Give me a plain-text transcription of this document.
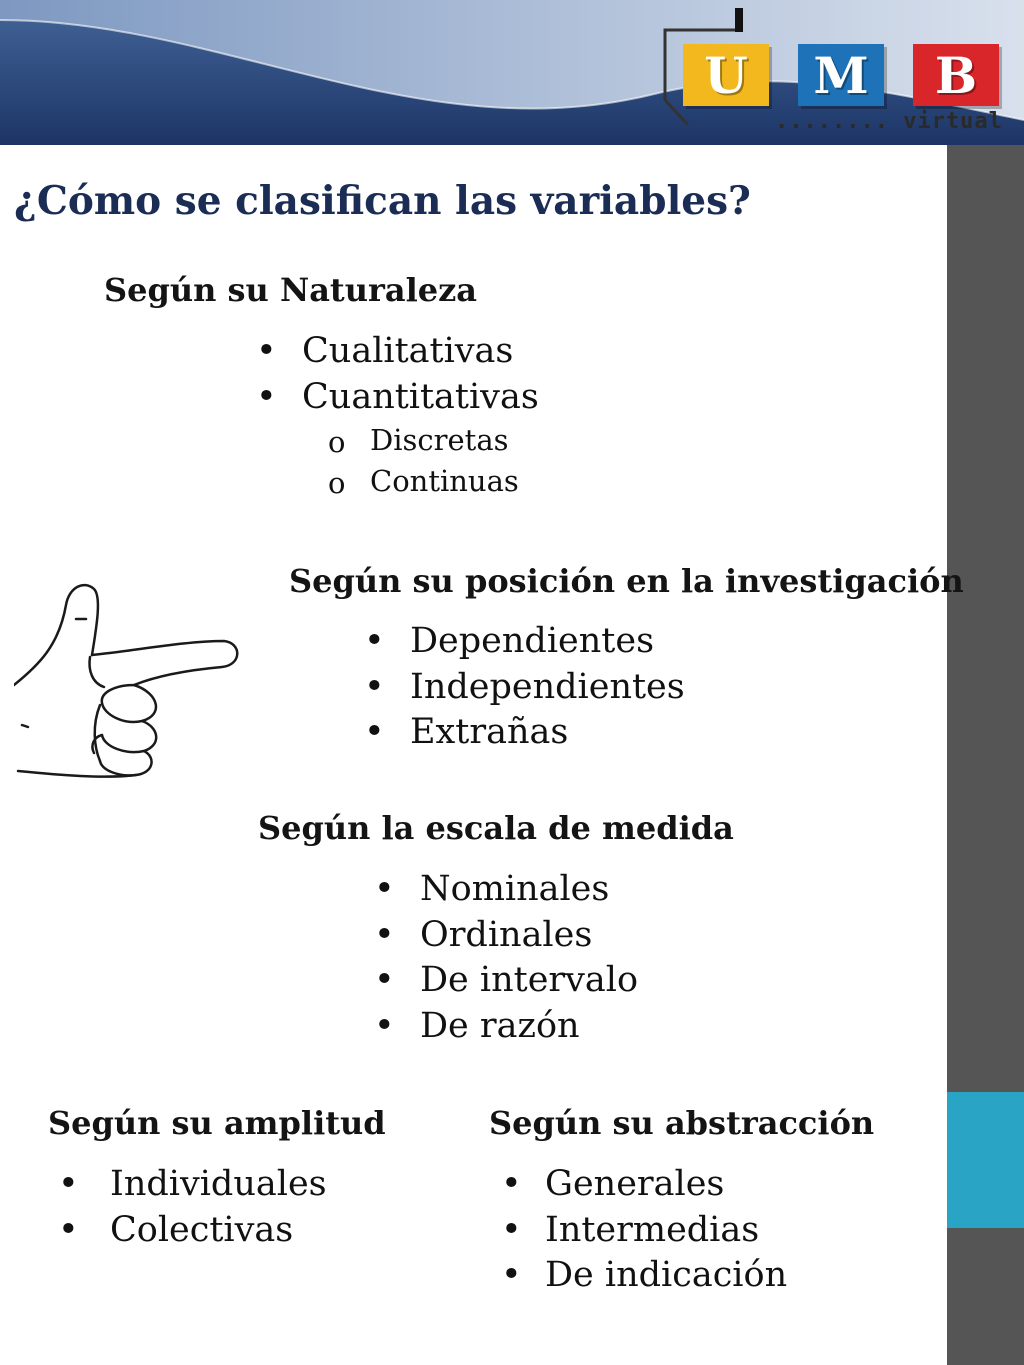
U	M	B
........ virtual
¿Cómo se clasifican las variables?
Según su Naturaleza
• Cualitativas
• Cuantitativas
o Discretas
o Continuas
Según su posición en la investigación
• Dependientes
• Independientes
• Extrañas
Según la escala de medida
• Nominales
• Ordinales
• De intervalo
• De razón
Según su amplitud
• Individuales
• Colectivas
Según su abstracción
• Generales
• Intermedias
• De indicación
